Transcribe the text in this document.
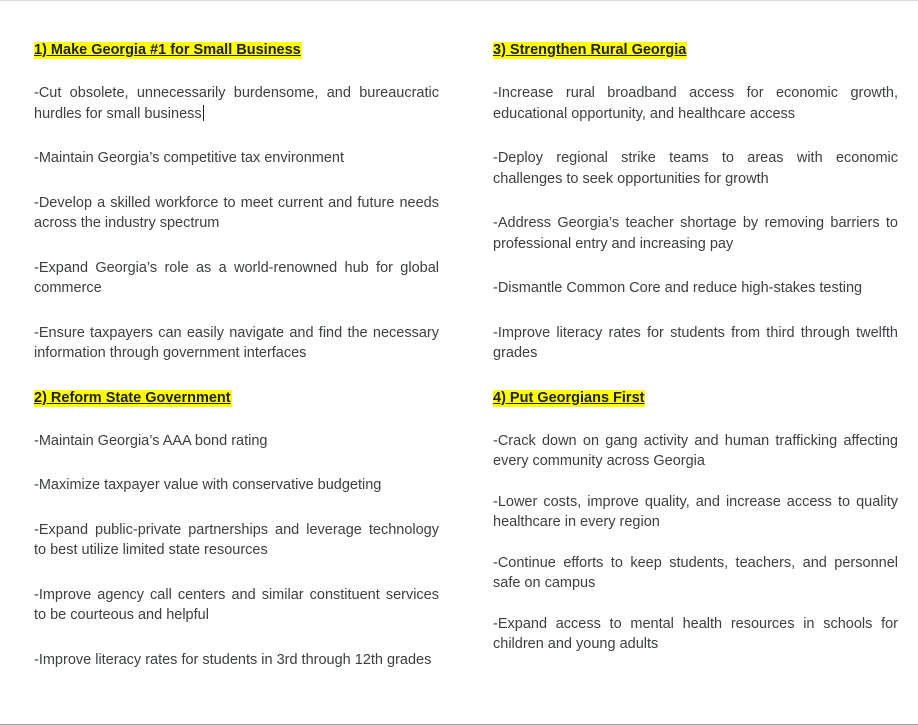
1) Make Georgia #1 for Small Business

-Cut obsolete, unnecessarily burdensome, and bureaucratic hurdles for small business

-Maintain Georgia’s competitive tax environment

-Develop a skilled workforce to meet current and future needs across the industry spectrum

-Expand Georgia’s role as a world-renowned hub for global commerce

-Ensure taxpayers can easily navigate and find the necessary information through government interfaces

2) Reform State Government

-Maintain Georgia’s AAA bond rating

-Maximize taxpayer value with conservative budgeting

-Expand public-private partnerships and leverage technology to best utilize limited state resources

-Improve agency call centers and similar constituent services to be courteous and helpful

-Improve literacy rates for students in 3rd through 12th grades

3) Strengthen Rural Georgia

-Increase rural broadband access for economic growth, educational opportunity, and healthcare access

-Deploy regional strike teams to areas with economic challenges to seek opportunities for growth

-Address Georgia’s teacher shortage by removing barriers to professional entry and increasing pay

-Dismantle Common Core and reduce high-stakes testing

-Improve literacy rates for students from third through twelfth grades

4) Put Georgians First

-Crack down on gang activity and human trafficking affecting every community across Georgia

-Lower costs, improve quality, and increase access to quality healthcare in every region

-Continue efforts to keep students, teachers, and personnel safe on campus

-Expand access to mental health resources in schools for children and young adults
